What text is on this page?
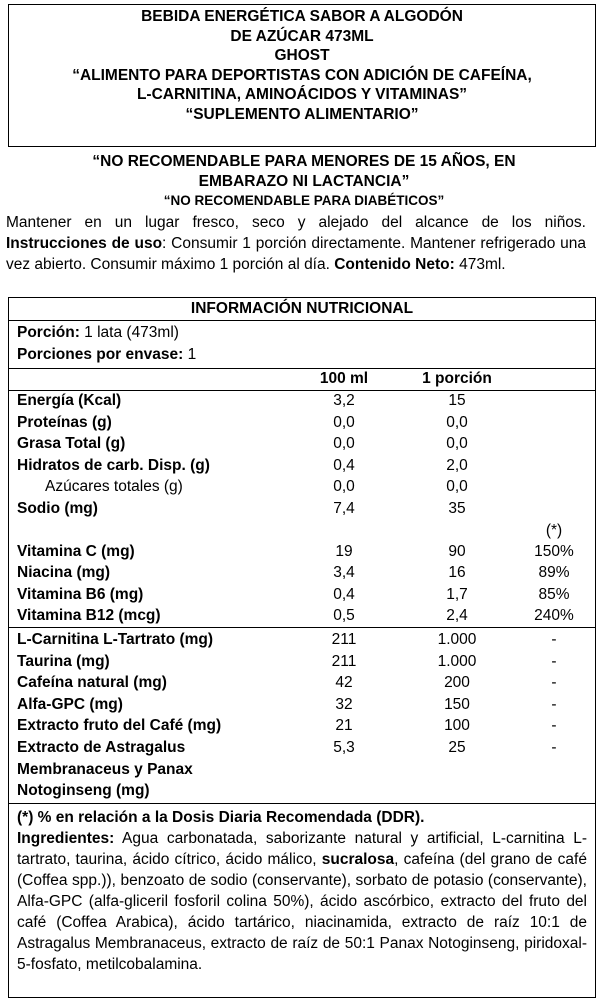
BEBIDA ENERGÉTICA SABOR A ALGODÓN
DE AZÚCAR 473ML
GHOST
“ALIMENTO PARA DEPORTISTAS CON ADICIÓN DE CAFEÍNA,
L-CARNITINA, AMINOÁCIDOS Y VITAMINAS”
“SUPLEMENTO ALIMENTARIO”
“NO RECOMENDABLE PARA MENORES DE 15 AÑOS, EN
EMBARAZO NI LACTANCIA”
“NO RECOMENDABLE PARA DIABÉTICOS”

Mantener en un lugar fresco, seco y alejado del alcance de los niños. Instrucciones de uso: Consumir 1 porción directamente. Mantener refrigerado una vez abierto. Consumir máximo 1 porción al día. Contenido Neto: 473ml.

INFORMACIÓN NUTRICIONAL
Porción: 1 lata (473ml)
Porciones por envase: 1
100 ml	1 porción
Energía (Kcal)	3,2	15
Proteínas (g)	0,0	0,0
Grasa Total (g)	0,0	0,0
Hidratos de carb. Disp. (g)	0,4	2,0
Azúcares totales (g)	0,0	0,0
Sodio (mg)	7,4	35
(*)
Vitamina C (mg)	19	90	150%
Niacina (mg)	3,4	16	89%
Vitamina B6 (mg)	0,4	1,7	85%
Vitamina B12 (mcg)	0,5	2,4	240%
L-Carnitina L-Tartrato (mg)	211	1.000	-
Taurina (mg)	211	1.000	-
Cafeína natural (mg)	42	200	-
Alfa-GPC (mg)	32	150	-
Extracto fruto del Café (mg)	21	100	-
Extracto de Astragalus	5,3	25	-
Membranaceus y Panax
Notoginseng (mg)

(*) % en relación a la Dosis Diaria Recomendada (DDR).

Ingredientes: Agua carbonatada, saborizante natural y artificial, L-carnitina L-tartrato, taurina, ácido cítrico, ácido málico, sucralosa, cafeína (del grano de café (Coffea spp.)), benzoato de sodio (conservante), sorbato de potasio (conservante), Alfa-GPC (alfa-gliceril fosforil colina 50%), ácido ascórbico, extracto del fruto del café (Coffea Arabica), ácido tartárico, niacinamida, extracto de raíz 10:1 de Astragalus Membranaceus, extracto de raíz de 50:1 Panax Notoginseng, piridoxal-5-fosfato, metilcobalamina.
